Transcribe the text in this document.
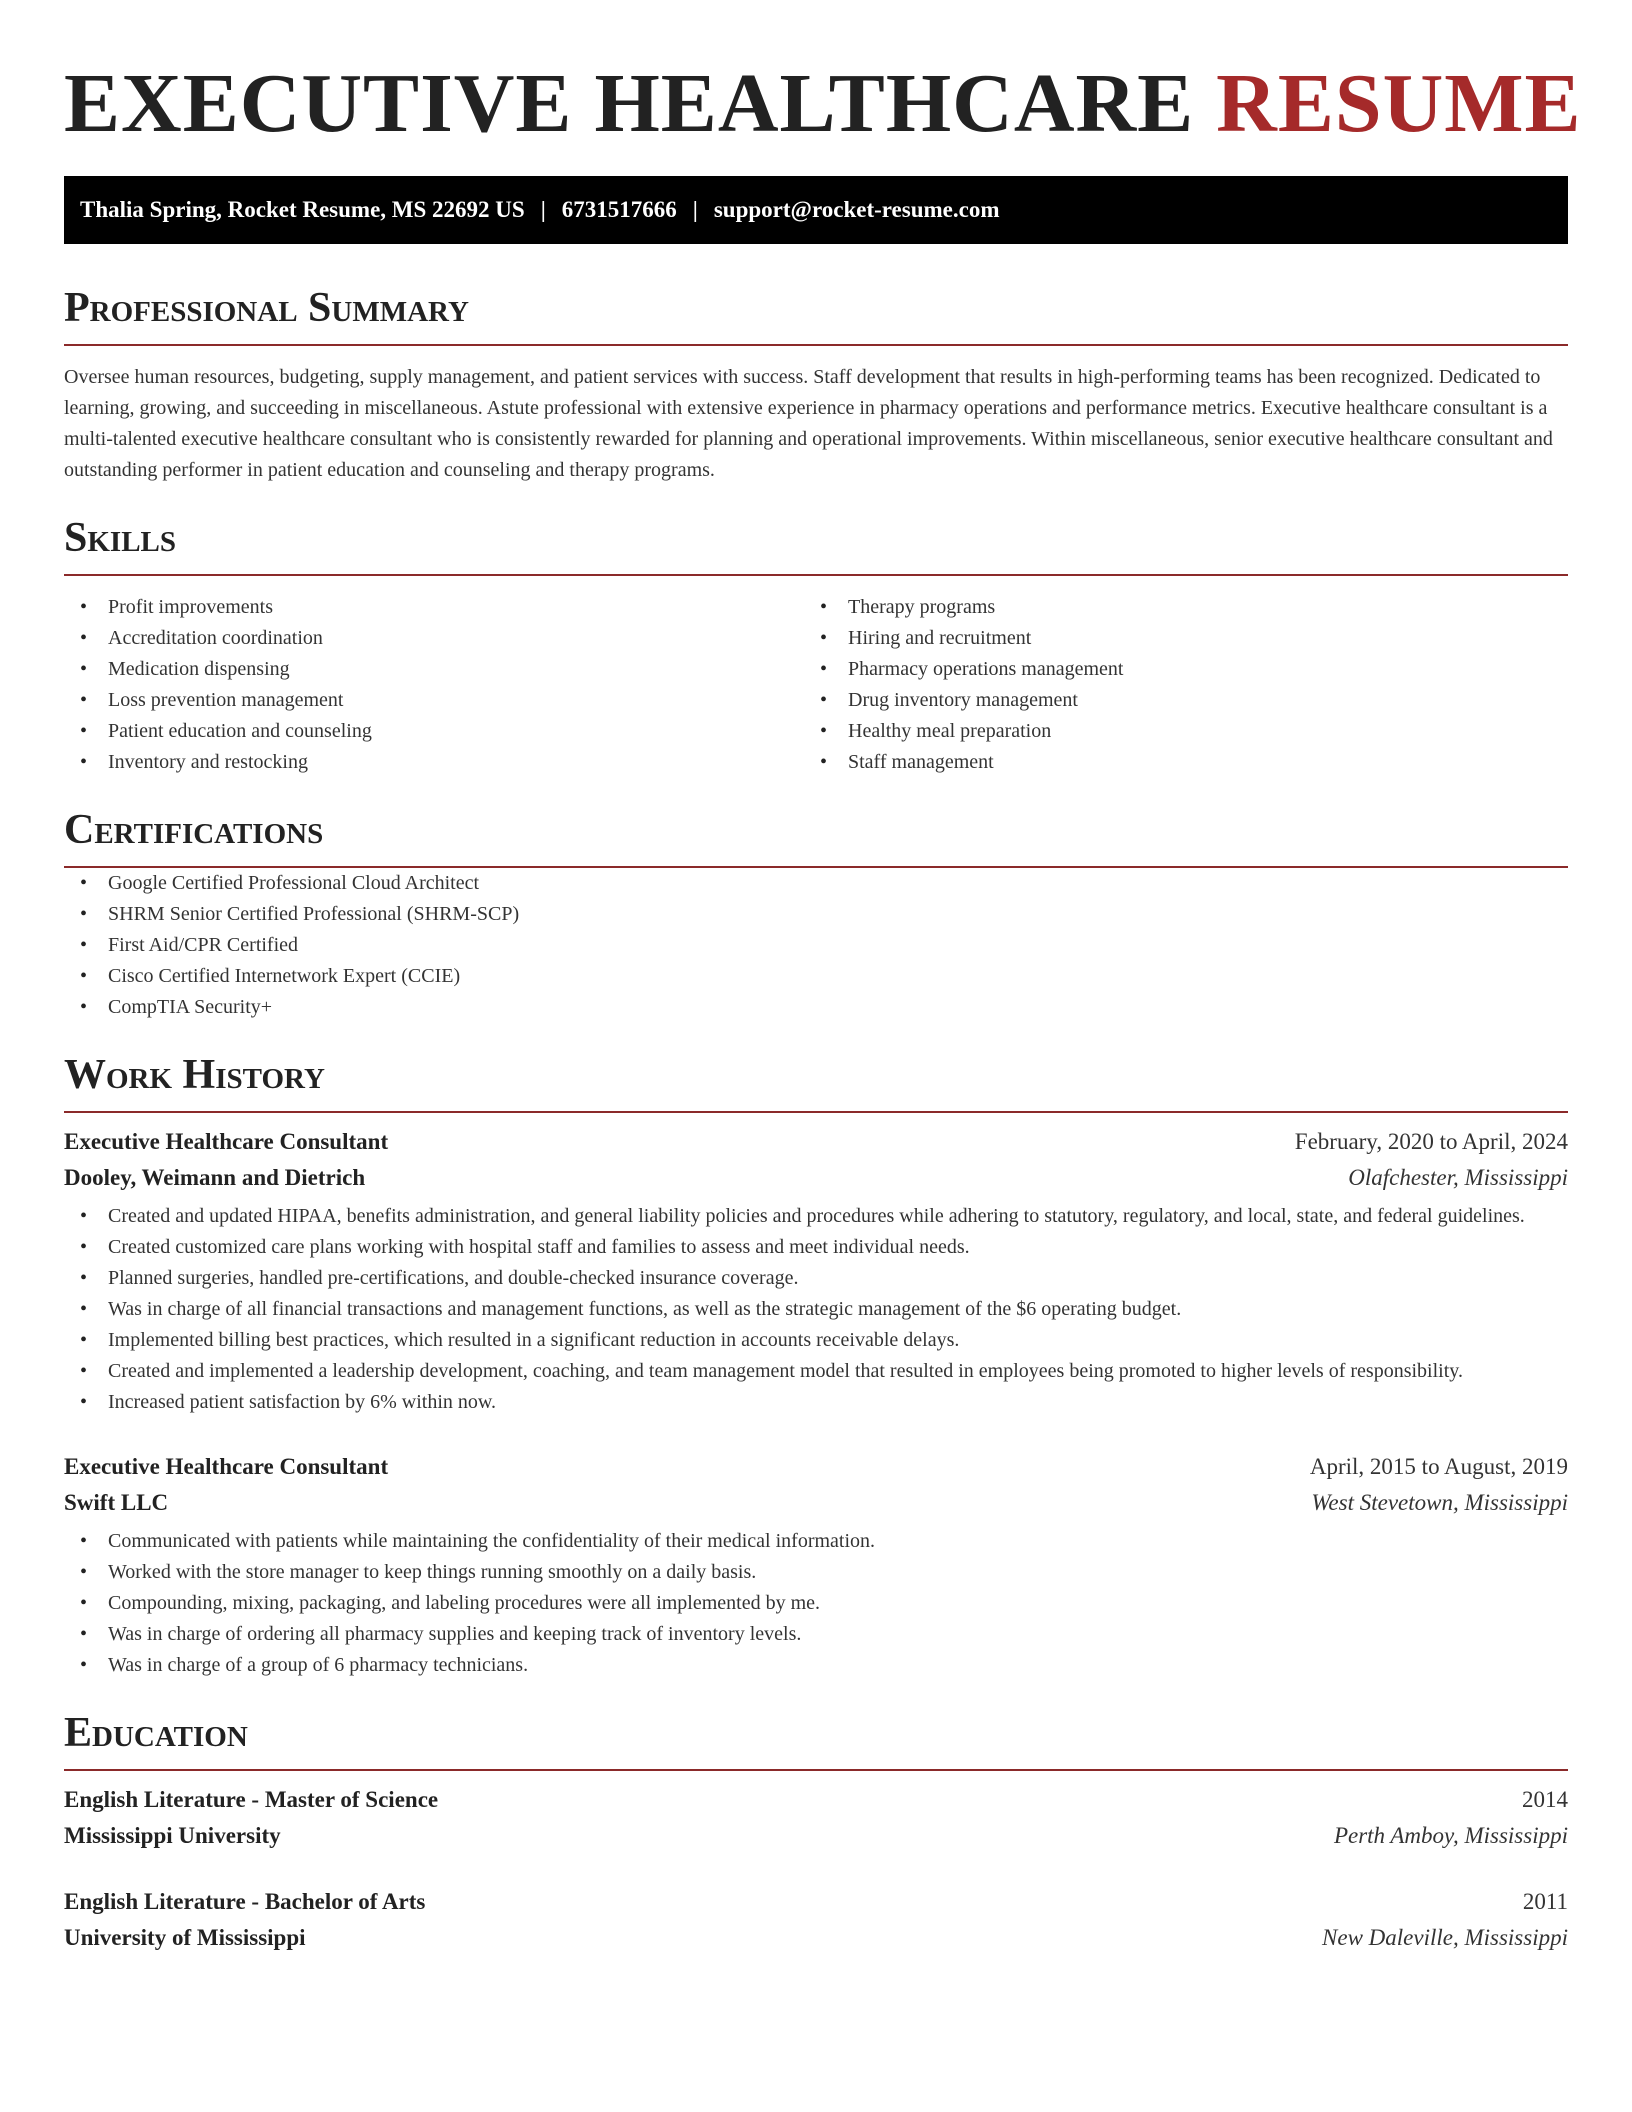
EXECUTIVE HEALTHCARE RESUME
Thalia Spring, Rocket Resume, MS 22692 US | 6731517666 | support@rocket-resume.com
Professional Summary

Oversee human resources, budgeting, supply management, and patient services with success. Staff development that results in high-performing teams has been recognized. Dedicated to learning, growing, and succeeding in miscellaneous. Astute professional with extensive experience in pharmacy operations and performance metrics. Executive healthcare consultant is a multi-talented executive healthcare consultant who is consistently rewarded for planning and operational improvements. Within miscellaneous, senior executive healthcare consultant and outstanding performer in patient education and counseling and therapy programs.

Skills
• Profit improvements
• Accreditation coordination
• Medication dispensing
• Loss prevention management
• Patient education and counseling
• Inventory and restocking
• Therapy programs
• Hiring and recruitment
• Pharmacy operations management
• Drug inventory management
• Healthy meal preparation
• Staff management
Certifications
• Google Certified Professional Cloud Architect
• SHRM Senior Certified Professional (SHRM-SCP)
• First Aid/CPR Certified
• Cisco Certified Internetwork Expert (CCIE)
• CompTIA Security+
Work History
Executive Healthcare Consultant	February, 2020 to April, 2024
Dooley, Weimann and Dietrich	Olafchester, Mississippi
• Created and updated HIPAA, benefits administration, and general liability policies and procedures while adhering to statutory, regulatory, and local, state, and federal guidelines.
• Created customized care plans working with hospital staff and families to assess and meet individual needs.
• Planned surgeries, handled pre-certifications, and double-checked insurance coverage.
• Was in charge of all financial transactions and management functions, as well as the strategic management of the $6 operating budget.
• Implemented billing best practices, which resulted in a significant reduction in accounts receivable delays.
• Created and implemented a leadership development, coaching, and team management model that resulted in employees being promoted to higher levels of responsibility.
• Increased patient satisfaction by 6% within now.
Executive Healthcare Consultant	April, 2015 to August, 2019
Swift LLC	West Stevetown, Mississippi
• Communicated with patients while maintaining the confidentiality of their medical information.
• Worked with the store manager to keep things running smoothly on a daily basis.
• Compounding, mixing, packaging, and labeling procedures were all implemented by me.
• Was in charge of ordering all pharmacy supplies and keeping track of inventory levels.
• Was in charge of a group of 6 pharmacy technicians.
Education
English Literature - Master of Science	2014
Mississippi University	Perth Amboy, Mississippi
English Literature - Bachelor of Arts	2011
University of Mississippi	New Daleville, Mississippi
